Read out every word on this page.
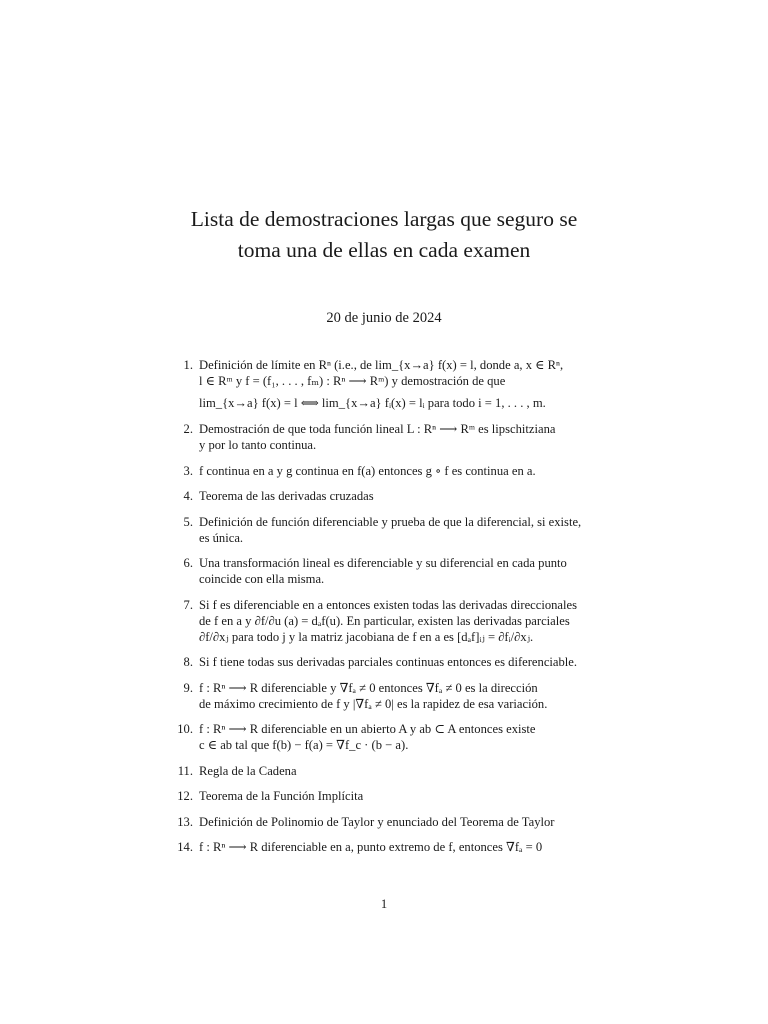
Lista de demostraciones largas que seguro se
toma una de ellas en cada examen
20 de junio de 2024
1. Definición de límite en Rⁿ (i.e., de lim_{x→a} f(x) = l, donde a, x ∈ Rⁿ,
l ∈ Rᵐ y f = (f₁, . . . , fₘ) : Rⁿ ⟶ Rᵐ) y demostración de que
lim_{x→a} f(x) = l ⟺ lim_{x→a} fᵢ(x) = lᵢ para todo i = 1, . . . , m.
2. Demostración de que toda función lineal L : Rⁿ ⟶ Rᵐ es lipschitziana
y por lo tanto continua.
3. f continua en a y g continua en f(a) entonces g ∘ f es continua en a.
4. Teorema de las derivadas cruzadas
5. Definición de función diferenciable y prueba de que la diferencial, si existe,
es única.
6. Una transformación lineal es diferenciable y su diferencial en cada punto
coincide con ella misma.
7. Si f es diferenciable en a entonces existen todas las derivadas direccionales
de f en a y ∂f/∂u (a) = dₐf(u). En particular, existen las derivadas parciales
∂f/∂xⱼ para todo j y la matriz jacobiana de f en a es [dₐf]ᵢⱼ = ∂fᵢ/∂xⱼ.
8. Si f tiene todas sus derivadas parciales continuas entonces es diferenciable.
9. f : Rⁿ ⟶ R diferenciable y ∇fₐ ≠ 0 entonces ∇fₐ ≠ 0 es la dirección
de máximo crecimiento de f y |∇fₐ ≠ 0| es la rapidez de esa variación.
10. f : Rⁿ ⟶ R diferenciable en un abierto A y ab ⊂ A entonces existe
c ∈ ab tal que f(b) − f(a) = ∇f_c · (b − a).
11. Regla de la Cadena
12. Teorema de la Función Implícita
13. Definición de Polinomio de Taylor y enunciado del Teorema de Taylor
14. f : Rⁿ ⟶ R diferenciable en a, punto extremo de f, entonces ∇fₐ = 0
1
